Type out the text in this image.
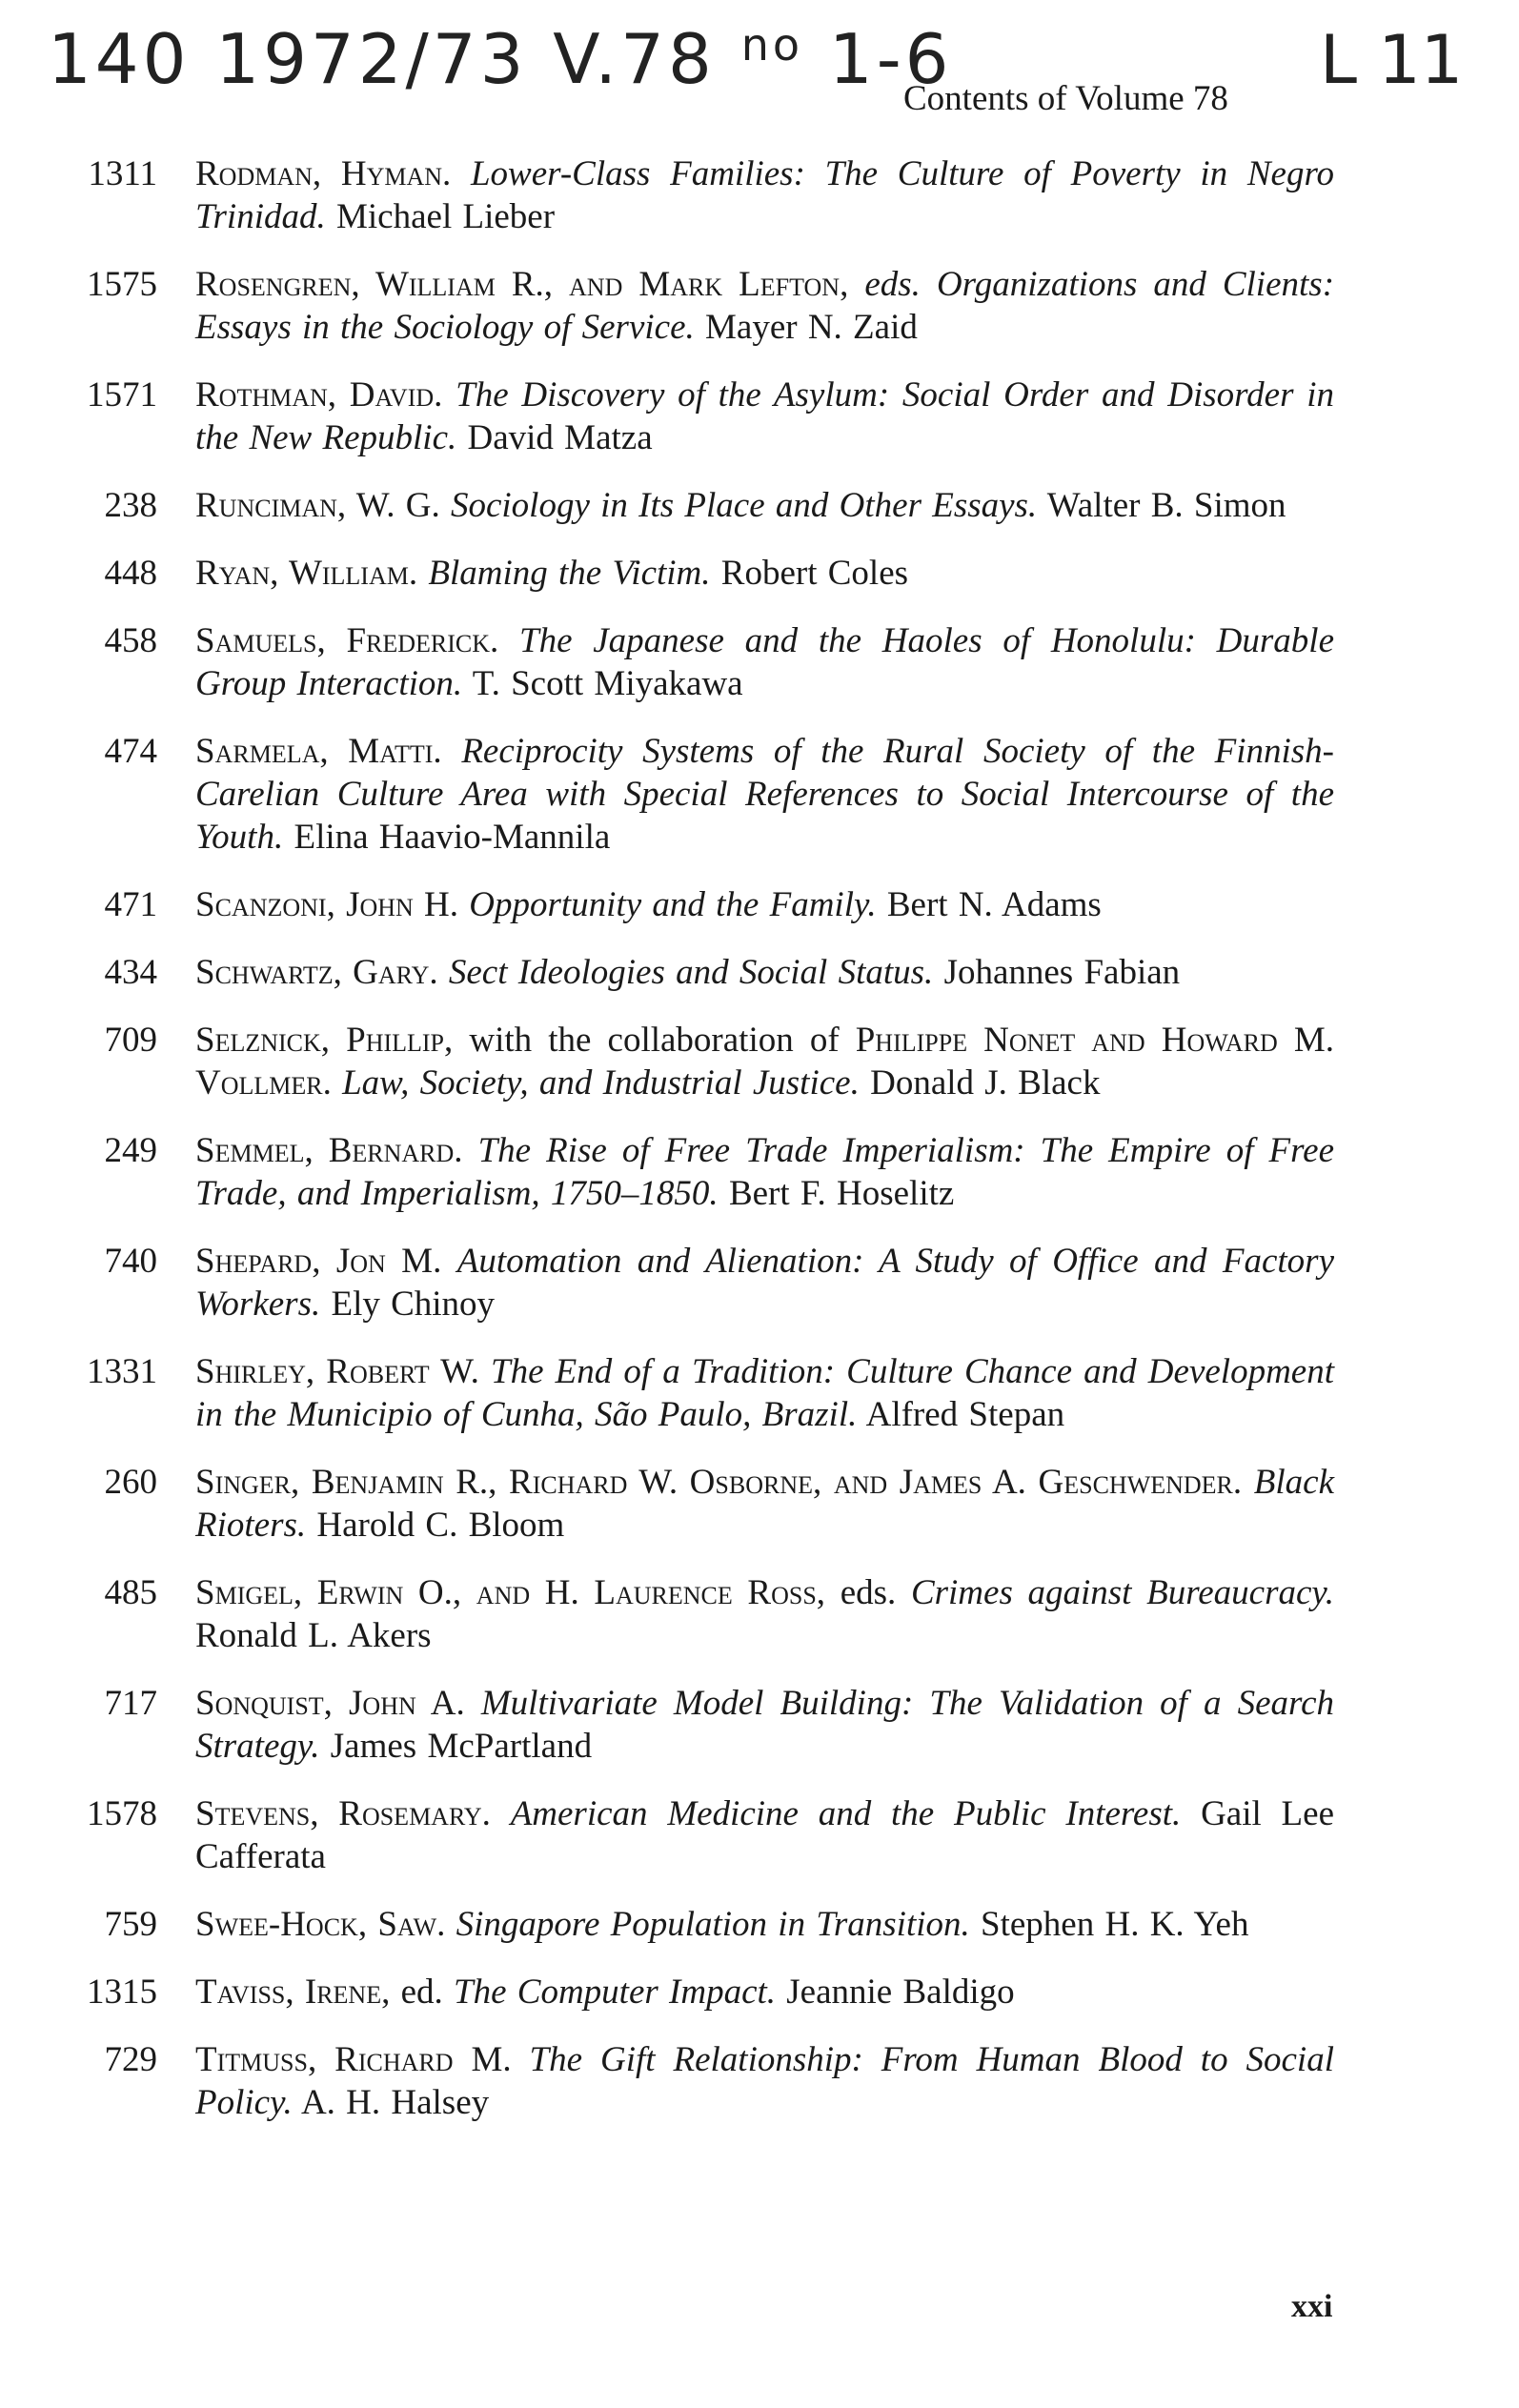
140 1972/73 V.78 $^{no}$ 1-6	L 11
Contents of Volume 78
1311 Rodman, Hyman. Lower-Class Families: The Culture of Poverty in Negro Trinidad. Michael Lieber
1575 Rosengren, William R., and Mark Lefton, eds. Organizations and Clients: Essays in the Sociology of Service. Mayer N. Zaid
1571 Rothman, David. The Discovery of the Asylum: Social Order and Disorder in the New Republic. David Matza
238 Runciman, W. G. Sociology in Its Place and Other Essays. Walter B. Simon
448 Ryan, William. Blaming the Victim. Robert Coles
458 Samuels, Frederick. The Japanese and the Haoles of Honolulu: Durable Group Interaction. T. Scott Miyakawa
474 Sarmela, Matti. Reciprocity Systems of the Rural Society of the Finnish-Carelian Culture Area with Special References to Social Intercourse of the Youth. Elina Haavio-Mannila
471 Scanzoni, John H. Opportunity and the Family. Bert N. Adams
434 Schwartz, Gary. Sect Ideologies and Social Status. Johannes Fabian
709 Selznick, Phillip, with the collaboration of Philippe Nonet and Howard M. Vollmer. Law, Society, and Industrial Justice. Donald J. Black
249 Semmel, Bernard. The Rise of Free Trade Imperialism: The Empire of Free Trade, and Imperialism, 1750–1850. Bert F. Hoselitz
740 Shepard, Jon M. Automation and Alienation: A Study of Office and Factory Workers. Ely Chinoy
1331 Shirley, Robert W. The End of a Tradition: Culture Chance and Development in the Municipio of Cunha, São Paulo, Brazil. Alfred Stepan
260 Singer, Benjamin R., Richard W. Osborne, and James A. Geschwender. Black Rioters. Harold C. Bloom
485 Smigel, Erwin O., and H. Laurence Ross, eds. Crimes against Bureaucracy. Ronald L. Akers
717 Sonquist, John A. Multivariate Model Building: The Validation of a Search Strategy. James McPartland
1578 Stevens, Rosemary. American Medicine and the Public Interest. Gail Lee Cafferata
759 Swee-Hock, Saw. Singapore Population in Transition. Stephen H. K. Yeh
1315 Taviss, Irene, ed. The Computer Impact. Jeannie Baldigo
729 Titmuss, Richard M. The Gift Relationship: From Human Blood to Social Policy. A. H. Halsey
xxi
